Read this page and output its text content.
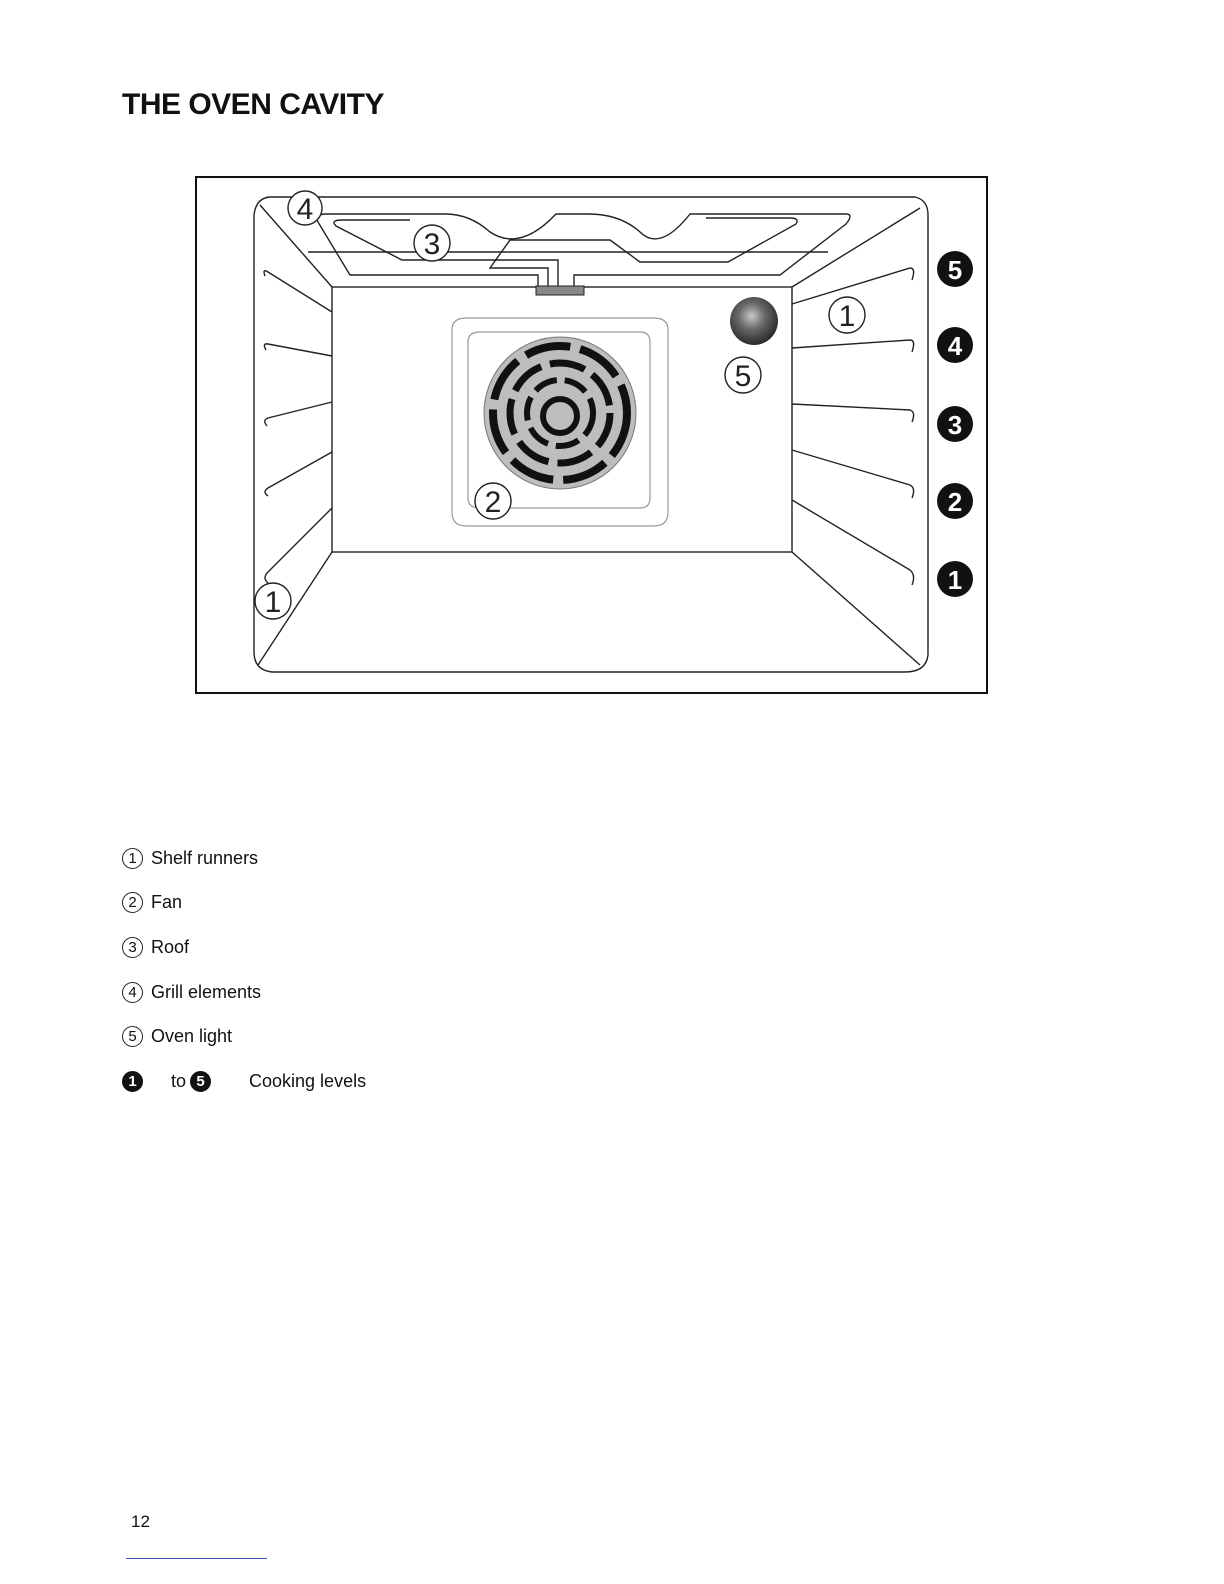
THE OVEN CAVITY
4
3
1
5
2
1
5
4
3
2
1
1 Shelf runners
2 Fan
3 Roof
4 Grill elements
5 Oven light
1	to 5	Cooking levels
12
